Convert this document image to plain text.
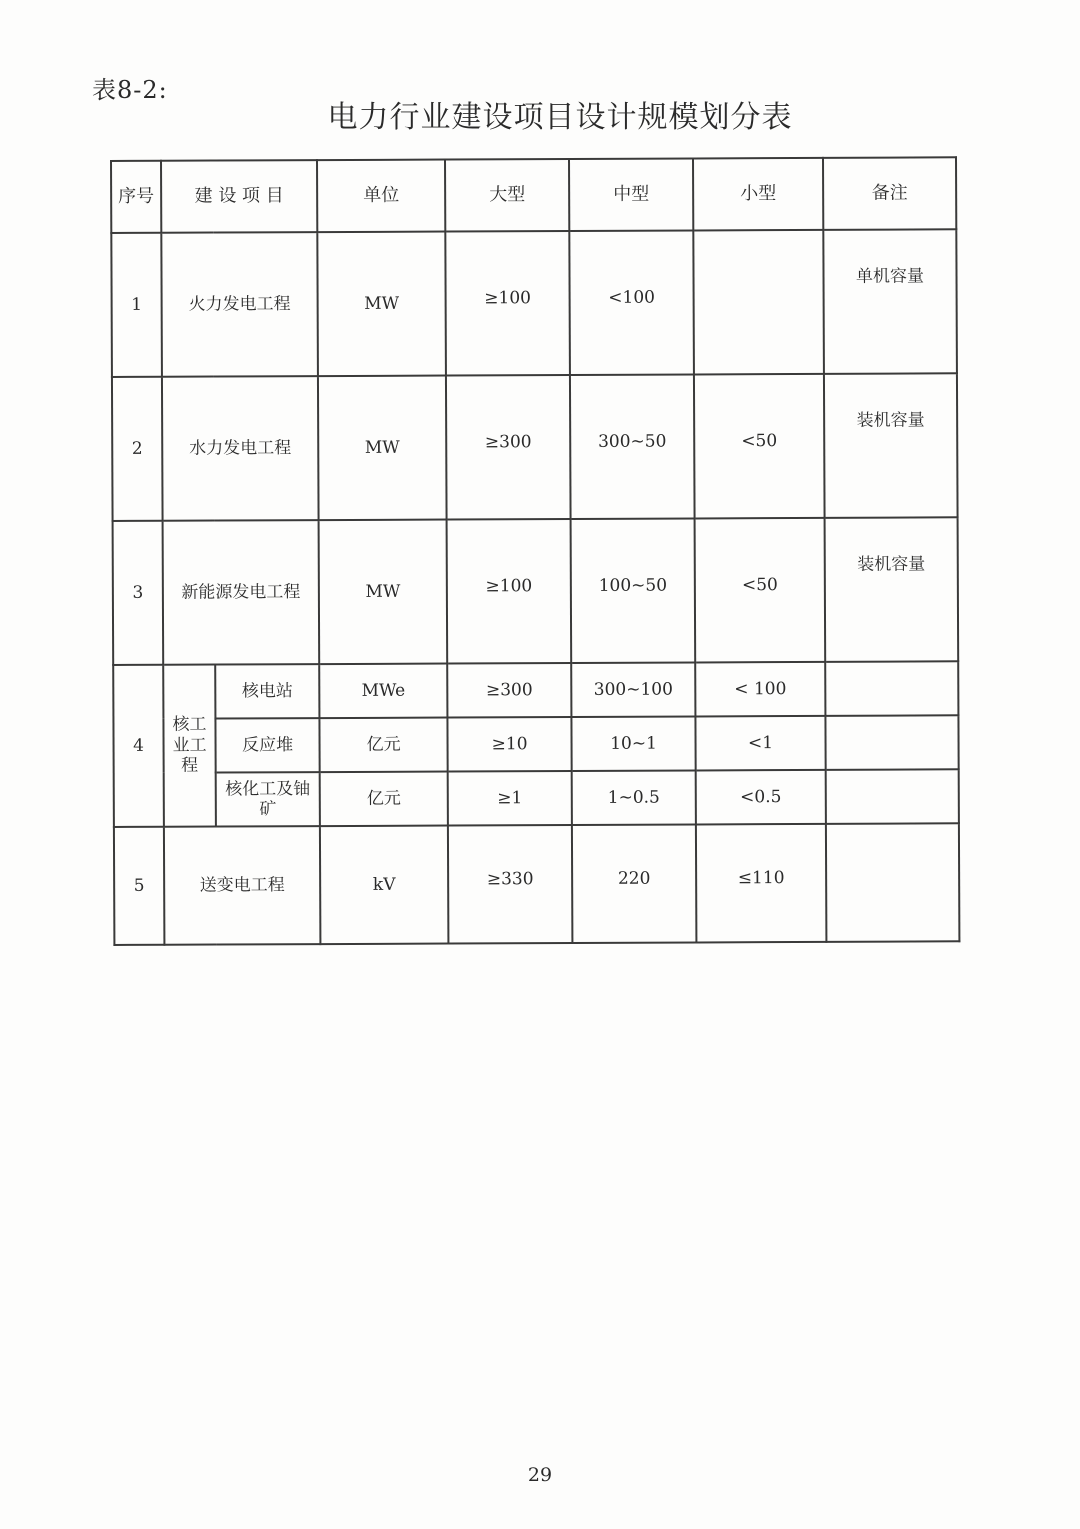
表8-2:
电力行业建设项目设计规模划分表
序号	建 设 项 目		单位	大型	中型	小型	备注
1	火力发电工程		MW	≥100	<100		单机容量
2	水力发电工程		MW	≥300	300~50	<50	装机容量
3	新能源发电工程		MW	≥100	100~50	<50	装机容量
4	核工业工程	核电站	MWe	≥300	300~100	< 100	
		反应堆	亿元	≥10	10~1	<1	
		核化工及铀矿	亿元	≥1	1~0.5	<0.5	
5	送变电工程		kV	≥330	220	≤110	
29
